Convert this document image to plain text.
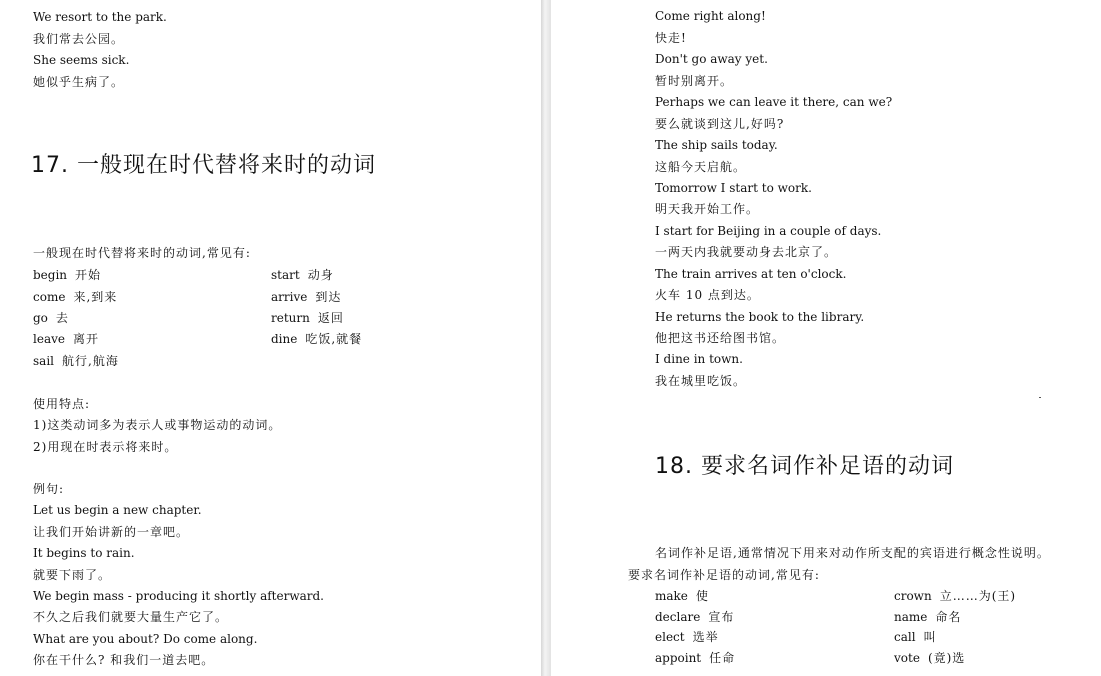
We resort to the park.
我们常去公园。
She seems sick.
她似乎生病了。
17. 一般现在时代替将来时的动词
一般现在时代替将来时的动词,常见有:
begin 开始
come 来,到来
go 去
leave 离开
sail 航行,航海
start 动身
arrive 到达
return 返回
dine 吃饭,就餐
使用特点:
1)这类动词多为表示人或事物运动的动词。
2)用现在时表示将来时。
例句:
Let us begin a new chapter.
让我们开始讲新的一章吧。
It begins to rain.
就要下雨了。
We begin mass - producing it shortly afterward.
不久之后我们就要大量生产它了。
What are you about? Do come along.
你在干什么? 和我们一道去吧。
Come right along!
快走!
Don't go away yet.
暂时别离开。
Perhaps we can leave it there, can we?
要么就谈到这儿,好吗?
The ship sails today.
这船今天启航。
Tomorrow I start to work.
明天我开始工作。
I start for Beijing in a couple of days.
一两天内我就要动身去北京了。
The train arrives at ten o'clock.
火车 10 点到达。
He returns the book to the library.
他把这书还给图书馆。
I dine in town.
我在城里吃饭。
18. 要求名词作补足语的动词
名词作补足语,通常情况下用来对动作所支配的宾语进行概念性说明。
要求名词作补足语的动词,常见有:
make 使
declare 宣布
elect 选举
appoint 任命
crown 立……为(王)
name 命名
call 叫
vote (竟)选
